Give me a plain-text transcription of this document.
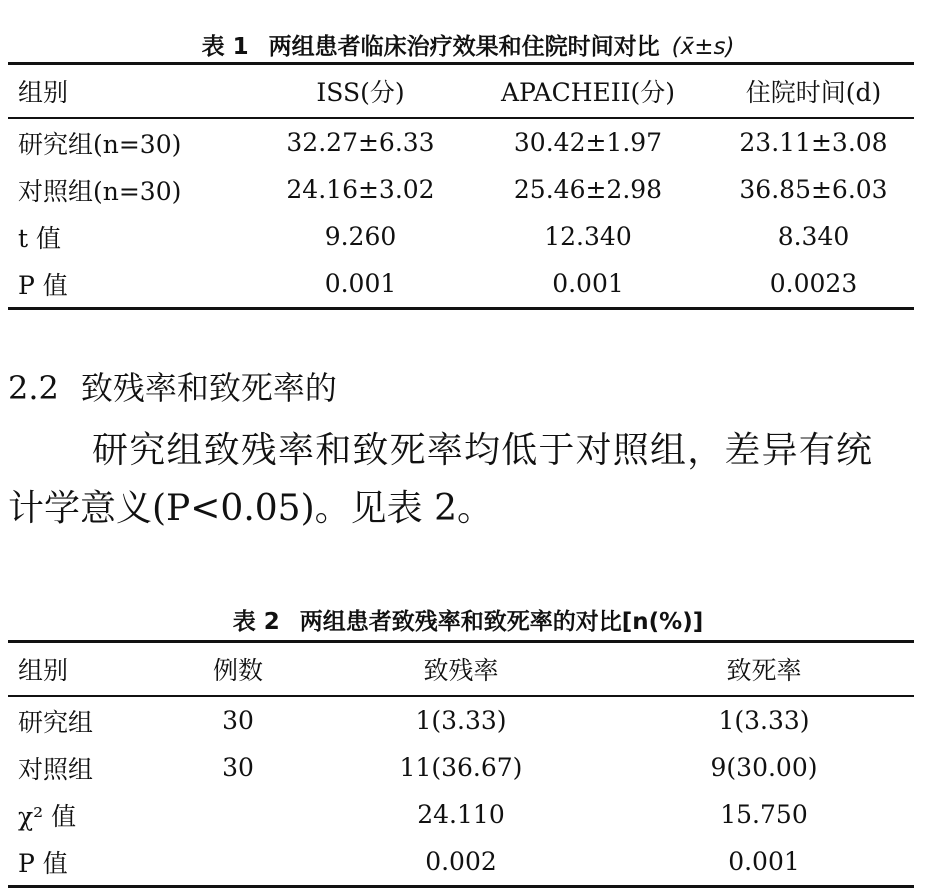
表 1 两组患者临床治疗效果和住院时间对比 (x̄±s)
组别	ISS(分)	APACHEII(分)	住院时间(d)
研究组(n=30)	32.27±6.33	30.42±1.97	23.11±3.08
对照组(n=30)	24.16±3.02	25.46±2.98	36.85±6.03
t 值	9.260	12.340	8.340
P 值	0.001	0.001	0.0023
2.2 致残率和致死率的
研究组致残率和致死率均低于对照组，差异有统
计学意义(P<0.05)。见表 2。
表 2 两组患者致残率和致死率的对比[n(%)]
组别	例数	致残率	致死率
研究组	30	1(3.33)	1(3.33)
对照组	30	11(36.67)	9(30.00)
χ² 值		24.110	15.750
P 值		0.002	0.001
